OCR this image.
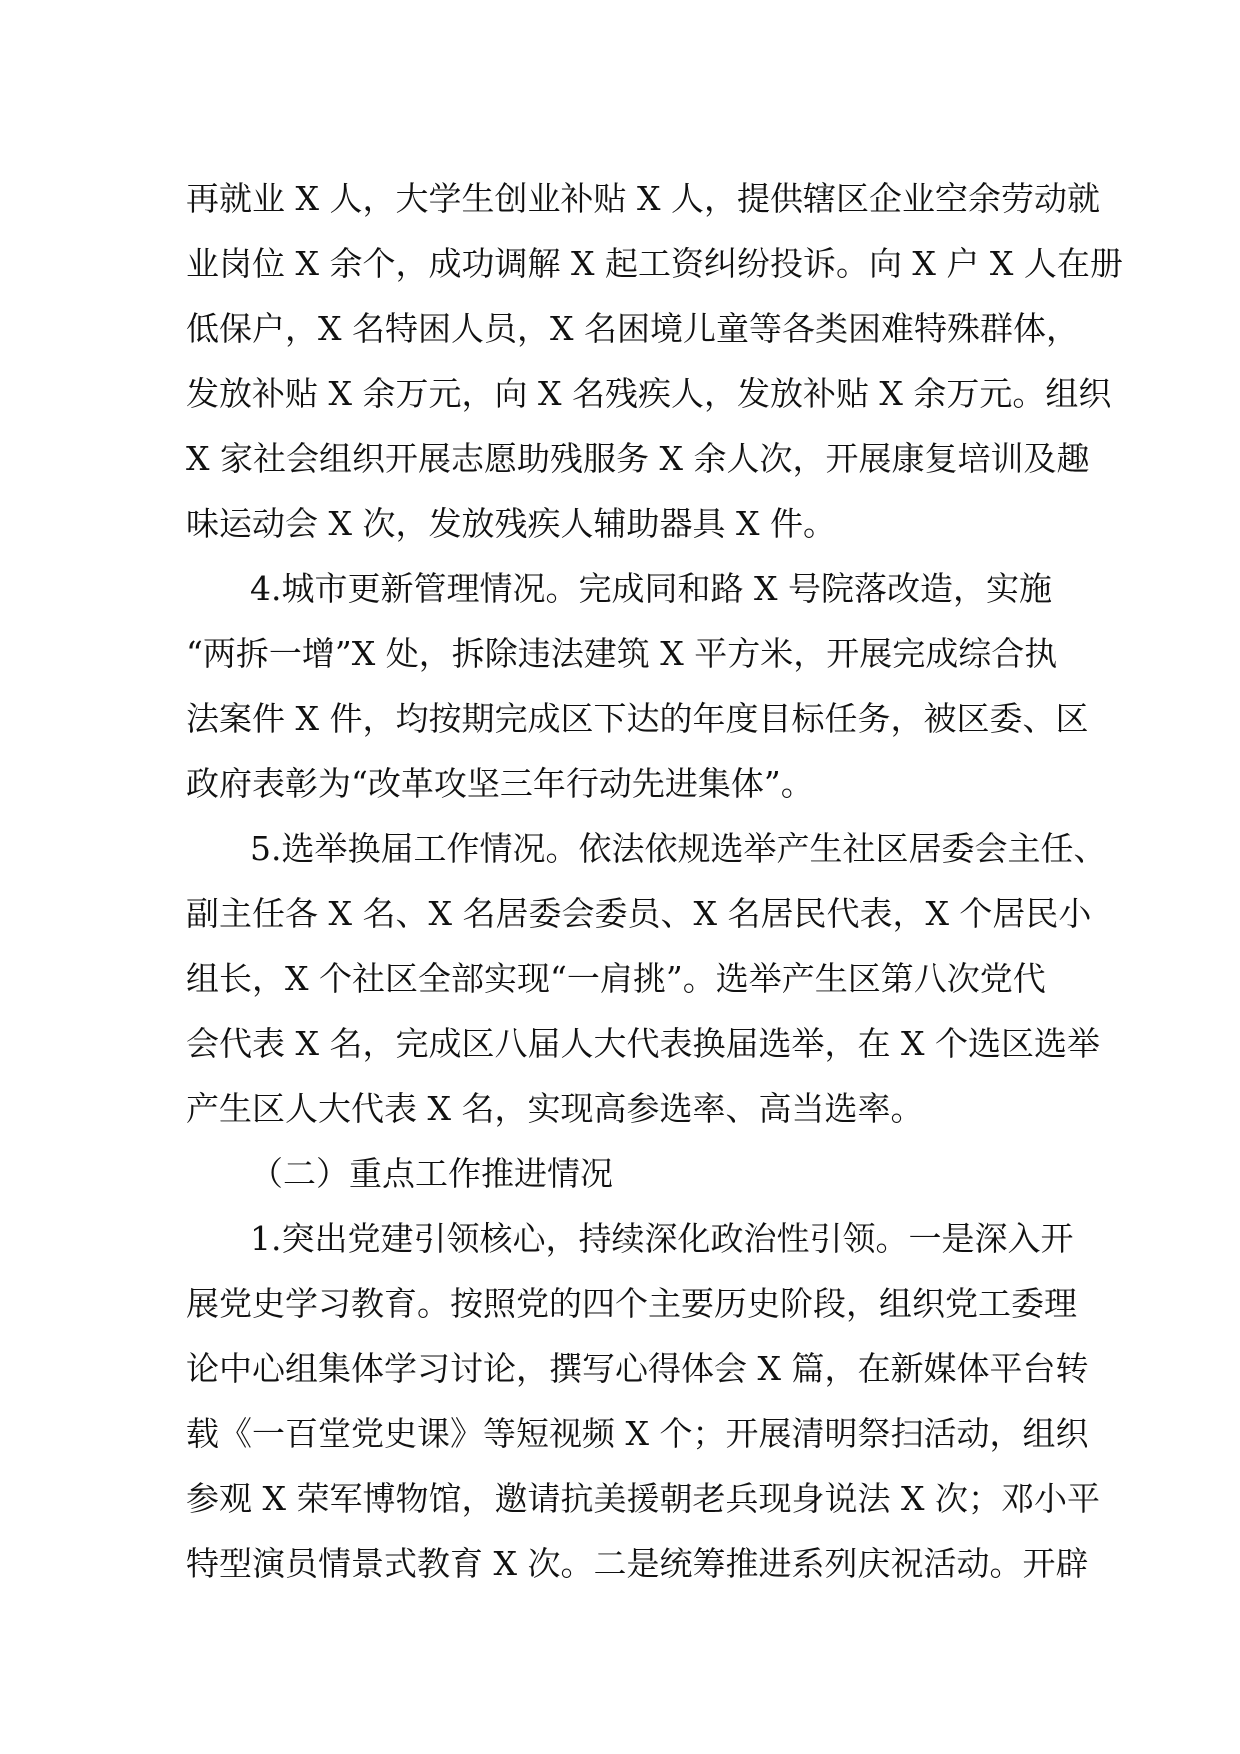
再就业 X 人，大学生创业补贴 X 人，提供辖区企业空余劳动就
业岗位 X 余个，成功调解 X 起工资纠纷投诉。向 X 户 X 人在册
低保户，X 名特困人员，X 名困境儿童等各类困难特殊群体，
发放补贴 X 余万元，向 X 名残疾人，发放补贴 X 余万元。组织
X 家社会组织开展志愿助残服务 X 余人次，开展康复培训及趣
味运动会 X 次，发放残疾人辅助器具 X 件。
4.城市更新管理情况。完成同和路 X 号院落改造，实施
“两拆一增”X 处，拆除违法建筑 X 平方米，开展完成综合执
法案件 X 件，均按期完成区下达的年度目标任务，被区委、区
政府表彰为“改革攻坚三年行动先进集体”。
5.选举换届工作情况。依法依规选举产生社区居委会主任、
副主任各 X 名、X 名居委会委员、X 名居民代表，X 个居民小
组长，X 个社区全部实现“一肩挑”。选举产生区第八次党代
会代表 X 名，完成区八届人大代表换届选举，在 X 个选区选举
产生区人大代表 X 名，实现高参选率、高当选率。
（二）重点工作推进情况
1.突出党建引领核心，持续深化政治性引领。一是深入开
展党史学习教育。按照党的四个主要历史阶段，组织党工委理
论中心组集体学习讨论，撰写心得体会 X 篇，在新媒体平台转
载《一百堂党史课》等短视频 X 个；开展清明祭扫活动，组织
参观 X 荣军博物馆，邀请抗美援朝老兵现身说法 X 次；邓小平
特型演员情景式教育 X 次。二是统筹推进系列庆祝活动。开辟
